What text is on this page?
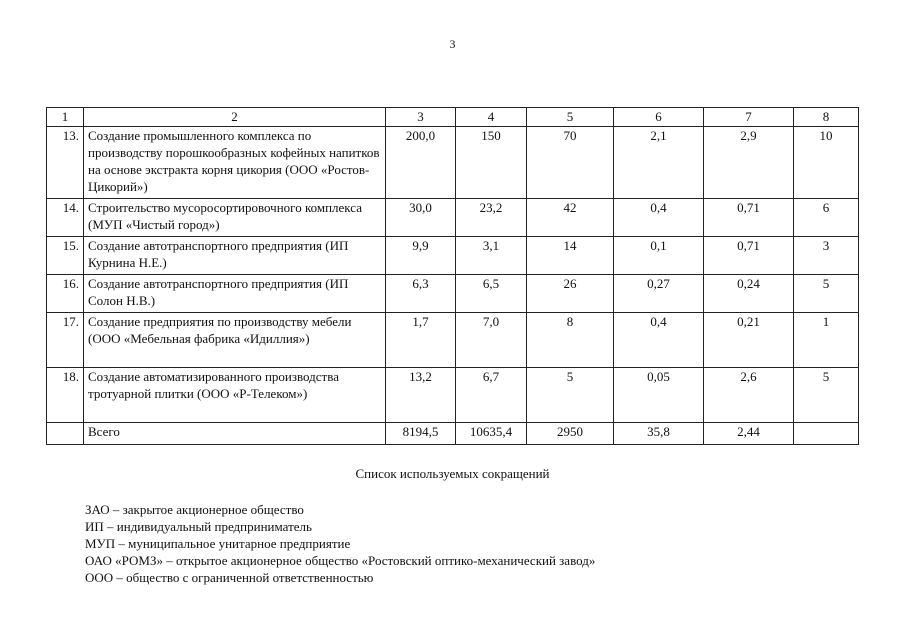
3
1	2	3	4	5	6	7	8
13.	Создание промышленного комплекса по производству порошкообразных кофейных напитков на основе экстракта корня цикория (ООО «Ростов-Цикорий»)	200,0	150	70	2,1	2,9	10
14.	Строительство мусоросортировочного комплекса (МУП «Чистый город»)	30,0	23,2	42	0,4	0,71	6
15.	Создание автотранспортного предприятия (ИП Курнина Н.Е.)	9,9	3,1	14	0,1	0,71	3
16.	Создание автотранспортного предприятия (ИП Солон Н.В.)	6,3	6,5	26	0,27	0,24	5
17.	Создание предприятия по производству мебели (ООО «Мебельная фабрика «Идиллия»)	1,7	7,0	8	0,4	0,21	1
18.	Создание автоматизированного производства тротуарной плитки (ООО «Р-Телеком»)	13,2	6,7	5	0,05	2,6	5
	Всего	8194,5	10635,4	2950	35,8	2,44	
Список используемых сокращений
ЗАО – закрытое акционерное общество
ИП – индивидуальный предприниматель
МУП – муниципальное унитарное предприятие
ОАО «РОМЗ» – открытое акционерное общество «Ростовский оптико-механический завод»
ООО – общество с ограниченной ответственностью
